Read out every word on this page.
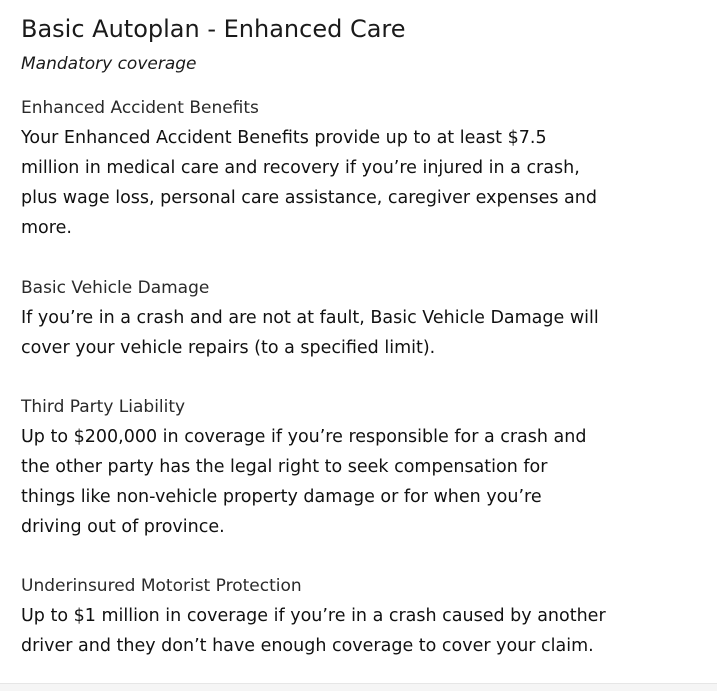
Basic Autoplan - Enhanced Care
Mandatory coverage
Enhanced Accident Benefits

Your Enhanced Accident Benefits provide up to at least $7.5
million in medical care and recovery if you’re injured in a crash,
plus wage loss, personal care assistance, caregiver expenses and
more.

Basic Vehicle Damage

If you’re in a crash and are not at fault, Basic Vehicle Damage will
cover your vehicle repairs (to a specified limit).

Third Party Liability

Up to $200,000 in coverage if you’re responsible for a crash and
the other party has the legal right to seek compensation for
things like non-vehicle property damage or for when you’re
driving out of province.

Underinsured Motorist Protection

Up to $1 million in coverage if you’re in a crash caused by another
driver and they don’t have enough coverage to cover your claim.
